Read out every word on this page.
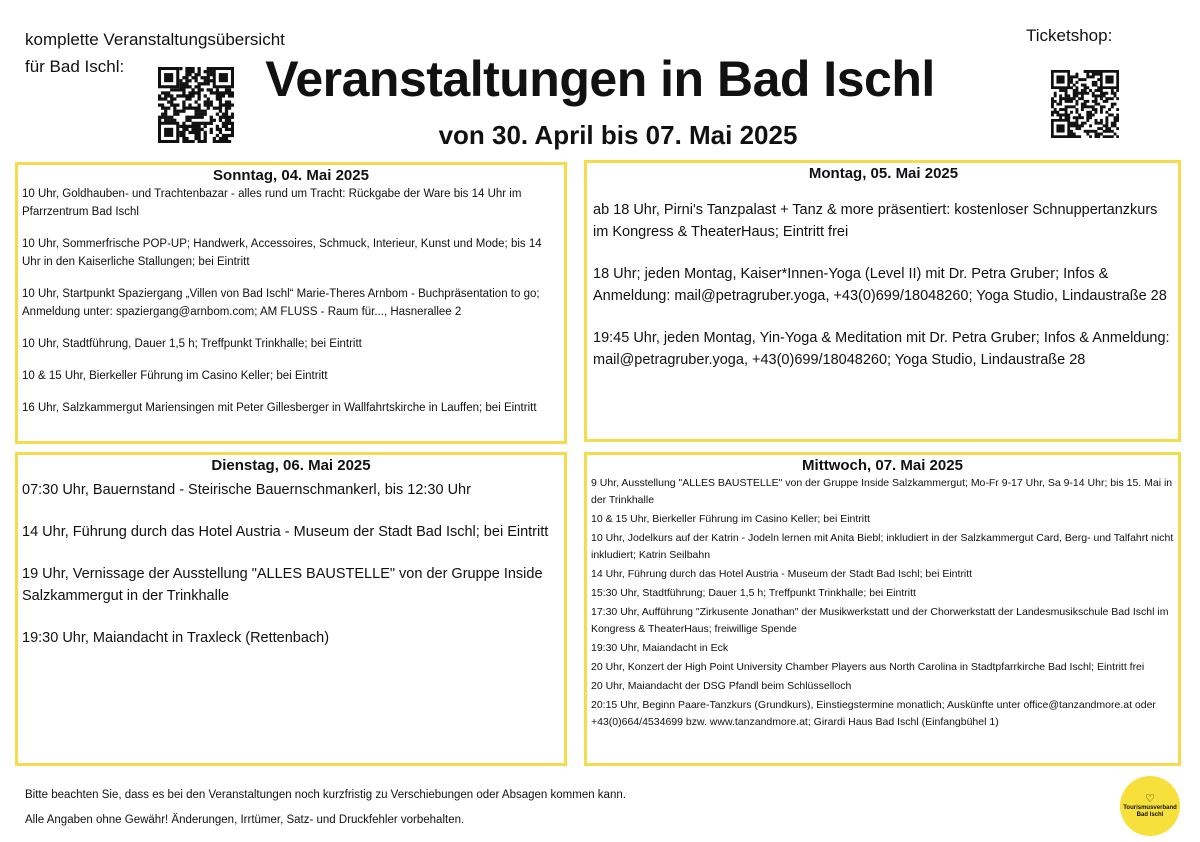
komplette Veranstaltungsübersicht
für Bad Ischl:	Veranstaltungen in Bad Ischl
von 30. April bis 07. Mai 2025
Ticketshop:
Sonntag, 04. Mai 2025

10 Uhr, Goldhauben- und Trachtenbazar - alles rund um Tracht: Rückgabe der Ware bis 14 Uhr im Pfarrzentrum Bad Ischl

10 Uhr, Sommerfrische POP-UP; Handwerk, Accessoires, Schmuck, Interieur, Kunst und Mode; bis 14 Uhr in den Kaiserliche Stallungen; bei Eintritt

10 Uhr, Startpunkt Spaziergang „Villen von Bad Ischl“ Marie-Theres Arnbom - Buchpräsentation to go; Anmeldung unter: spaziergang@arnbom.com; AM FLUSS - Raum für..., Hasnerallee 2

10 Uhr, Stadtführung, Dauer 1,5 h; Treffpunkt Trinkhalle; bei Eintritt

10 & 15 Uhr, Bierkeller Führung im Casino Keller; bei Eintritt

16 Uhr, Salzkammergut Mariensingen mit Peter Gillesberger in Wallfahrtskirche in Lauffen; bei Eintritt

Montag, 05. Mai 2025

ab 18 Uhr, Pirni's Tanzpalast + Tanz & more präsentiert: kostenloser Schnuppertanzkurs im Kongress & TheaterHaus; Eintritt frei

18 Uhr; jeden Montag, Kaiser*Innen-Yoga (Level II) mit Dr. Petra Gruber; Infos & Anmeldung: mail@petragruber.yoga, +43(0)699/18048260; Yoga Studio, Lindaustraße 28

19:45 Uhr, jeden Montag, Yin-Yoga & Meditation mit Dr. Petra Gruber; Infos & Anmeldung: mail@petragruber.yoga, +43(0)699/18048260; Yoga Studio, Lindaustraße 28

Dienstag, 06. Mai 2025

07:30 Uhr, Bauernstand - Steirische Bauernschmankerl, bis 12:30 Uhr

14 Uhr, Führung durch das Hotel Austria - Museum der Stadt Bad Ischl; bei Eintritt

19 Uhr, Vernissage der Ausstellung "ALLES BAUSTELLE" von der Gruppe Inside Salzkammergut in der Trinkhalle

19:30 Uhr, Maiandacht in Traxleck (Rettenbach)

Mittwoch, 07. Mai 2025

9 Uhr, Ausstellung "ALLES BAUSTELLE" von der Gruppe Inside Salzkammergut; Mo-Fr 9-17 Uhr, Sa 9-14 Uhr; bis 15. Mai in der Trinkhalle

10 & 15 Uhr, Bierkeller Führung im Casino Keller; bei Eintritt

10 Uhr, Jodelkurs auf der Katrin - Jodeln lernen mit Anita Biebl; inkludiert in der Salzkammergut Card, Berg- und Talfahrt nicht inkludiert; Katrin Seilbahn

14 Uhr, Führung durch das Hotel Austria - Museum der Stadt Bad Ischl; bei Eintritt

15:30 Uhr, Stadtführung; Dauer 1,5 h; Treffpunkt Trinkhalle; bei Eintritt

17:30 Uhr, Aufführung "Zirkusente Jonathan" der Musikwerkstatt und der Chorwerkstatt der Landesmusikschule Bad Ischl im Kongress & TheaterHaus; freiwillige Spende

19:30 Uhr, Maiandacht in Eck

20 Uhr, Konzert der High Point University Chamber Players aus North Carolina in Stadtpfarrkirche Bad Ischl; Eintritt frei

20 Uhr, Maiandacht der DSG Pfandl beim Schlüsselloch

20:15 Uhr, Beginn Paare-Tanzkurs (Grundkurs), Einstiegstermine monatlich; Auskünfte unter office@tanzandmore.at oder +43(0)664/4534699 bzw. www.tanzandmore.at; Girardi Haus Bad Ischl (Einfangbühel 1)

Bitte beachten Sie, dass es bei den Veranstaltungen noch kurzfristig zu Verschiebungen oder Absagen kommen kann.
Alle Angaben ohne Gewähr! Änderungen, Irrtümer, Satz- und Druckfehler vorbehalten.
♡
Tourismusverband
Bad Ischl
